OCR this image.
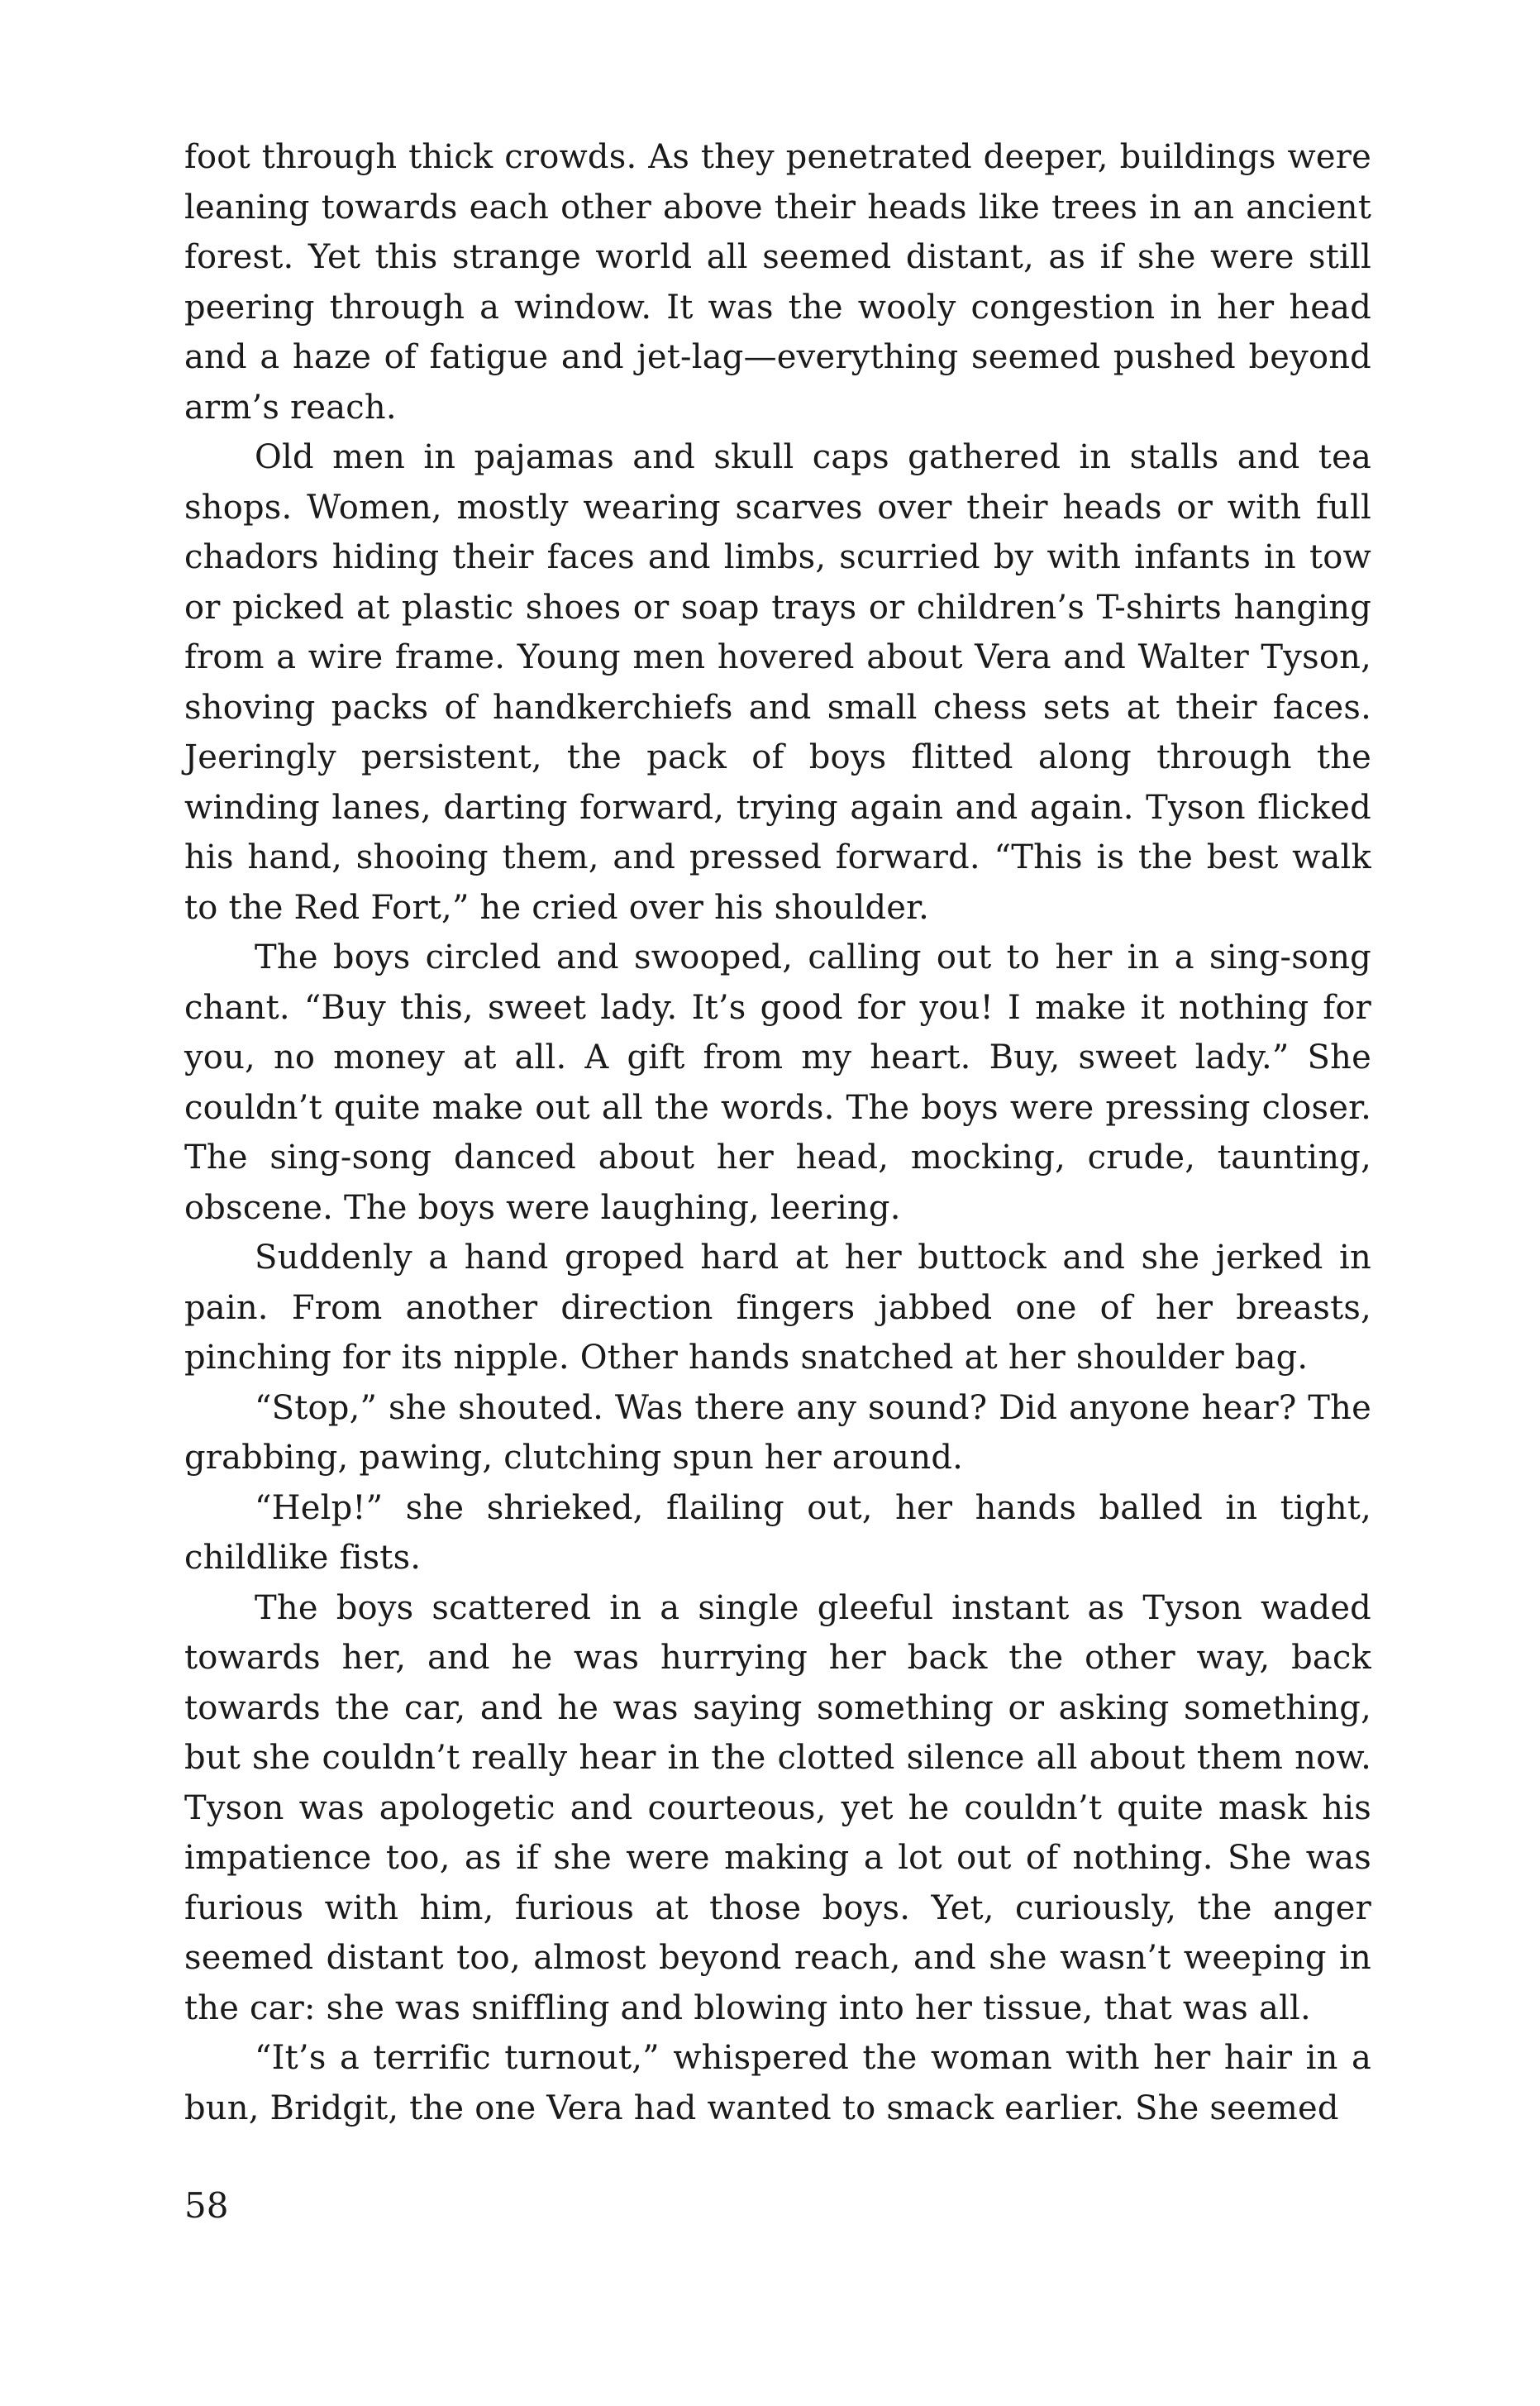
foot through thick crowds. As they penetrated deeper, buildings were leaning towards each other above their heads like trees in an ancient forest. Yet this strange world all seemed distant, as if she were still peering through a window. It was the wooly congestion in her head and a haze of fatigue and jet-lag—everything seemed pushed beyond arm’s reach.

Old men in pajamas and skull caps gathered in stalls and tea shops. Women, mostly wearing scarves over their heads or with full chadors hiding their faces and limbs, scurried by with infants in tow or picked at plastic shoes or soap trays or children’s T-shirts hanging from a wire frame. Young men hovered about Vera and Walter Tyson, shoving packs of handkerchiefs and small chess sets at their faces. Jeeringly persistent, the pack of boys flitted along through the winding lanes, darting forward, trying again and again. Tyson flicked his hand, shooing them, and pressed forward. “This is the best walk to the Red Fort,” he cried over his shoulder.

The boys circled and swooped, calling out to her in a sing-song chant. “Buy this, sweet lady. It’s good for you! I make it nothing for you, no money at all. A gift from my heart. Buy, sweet lady.” She couldn’t quite make out all the words. The boys were pressing closer. The sing-song danced about her head, mocking, crude, taunting, obscene. The boys were laughing, leering.

Suddenly a hand groped hard at her buttock and she jerked in pain. From another direction fingers jabbed one of her breasts, pinching for its nipple. Other hands snatched at her shoulder bag.

“Stop,” she shouted. Was there any sound? Did anyone hear? The grabbing, pawing, clutching spun her around.

“Help!” she shrieked, flailing out, her hands balled in tight, childlike fists.

The boys scattered in a single gleeful instant as Tyson waded towards her, and he was hurrying her back the other way, back towards the car, and he was saying something or asking something, but she couldn’t really hear in the clotted silence all about them now. Tyson was apologetic and courteous, yet he couldn’t quite mask his impatience too, as if she were making a lot out of nothing. She was furious with him, furious at those boys. Yet, curiously, the anger seemed distant too, almost beyond reach, and she wasn’t weeping in the car: she was sniffling and blowing into her tissue, that was all.

“It’s a terrific turnout,” whispered the woman with her hair in a bun, Bridgit, the one Vera had wanted to smack earlier. She seemed

58
